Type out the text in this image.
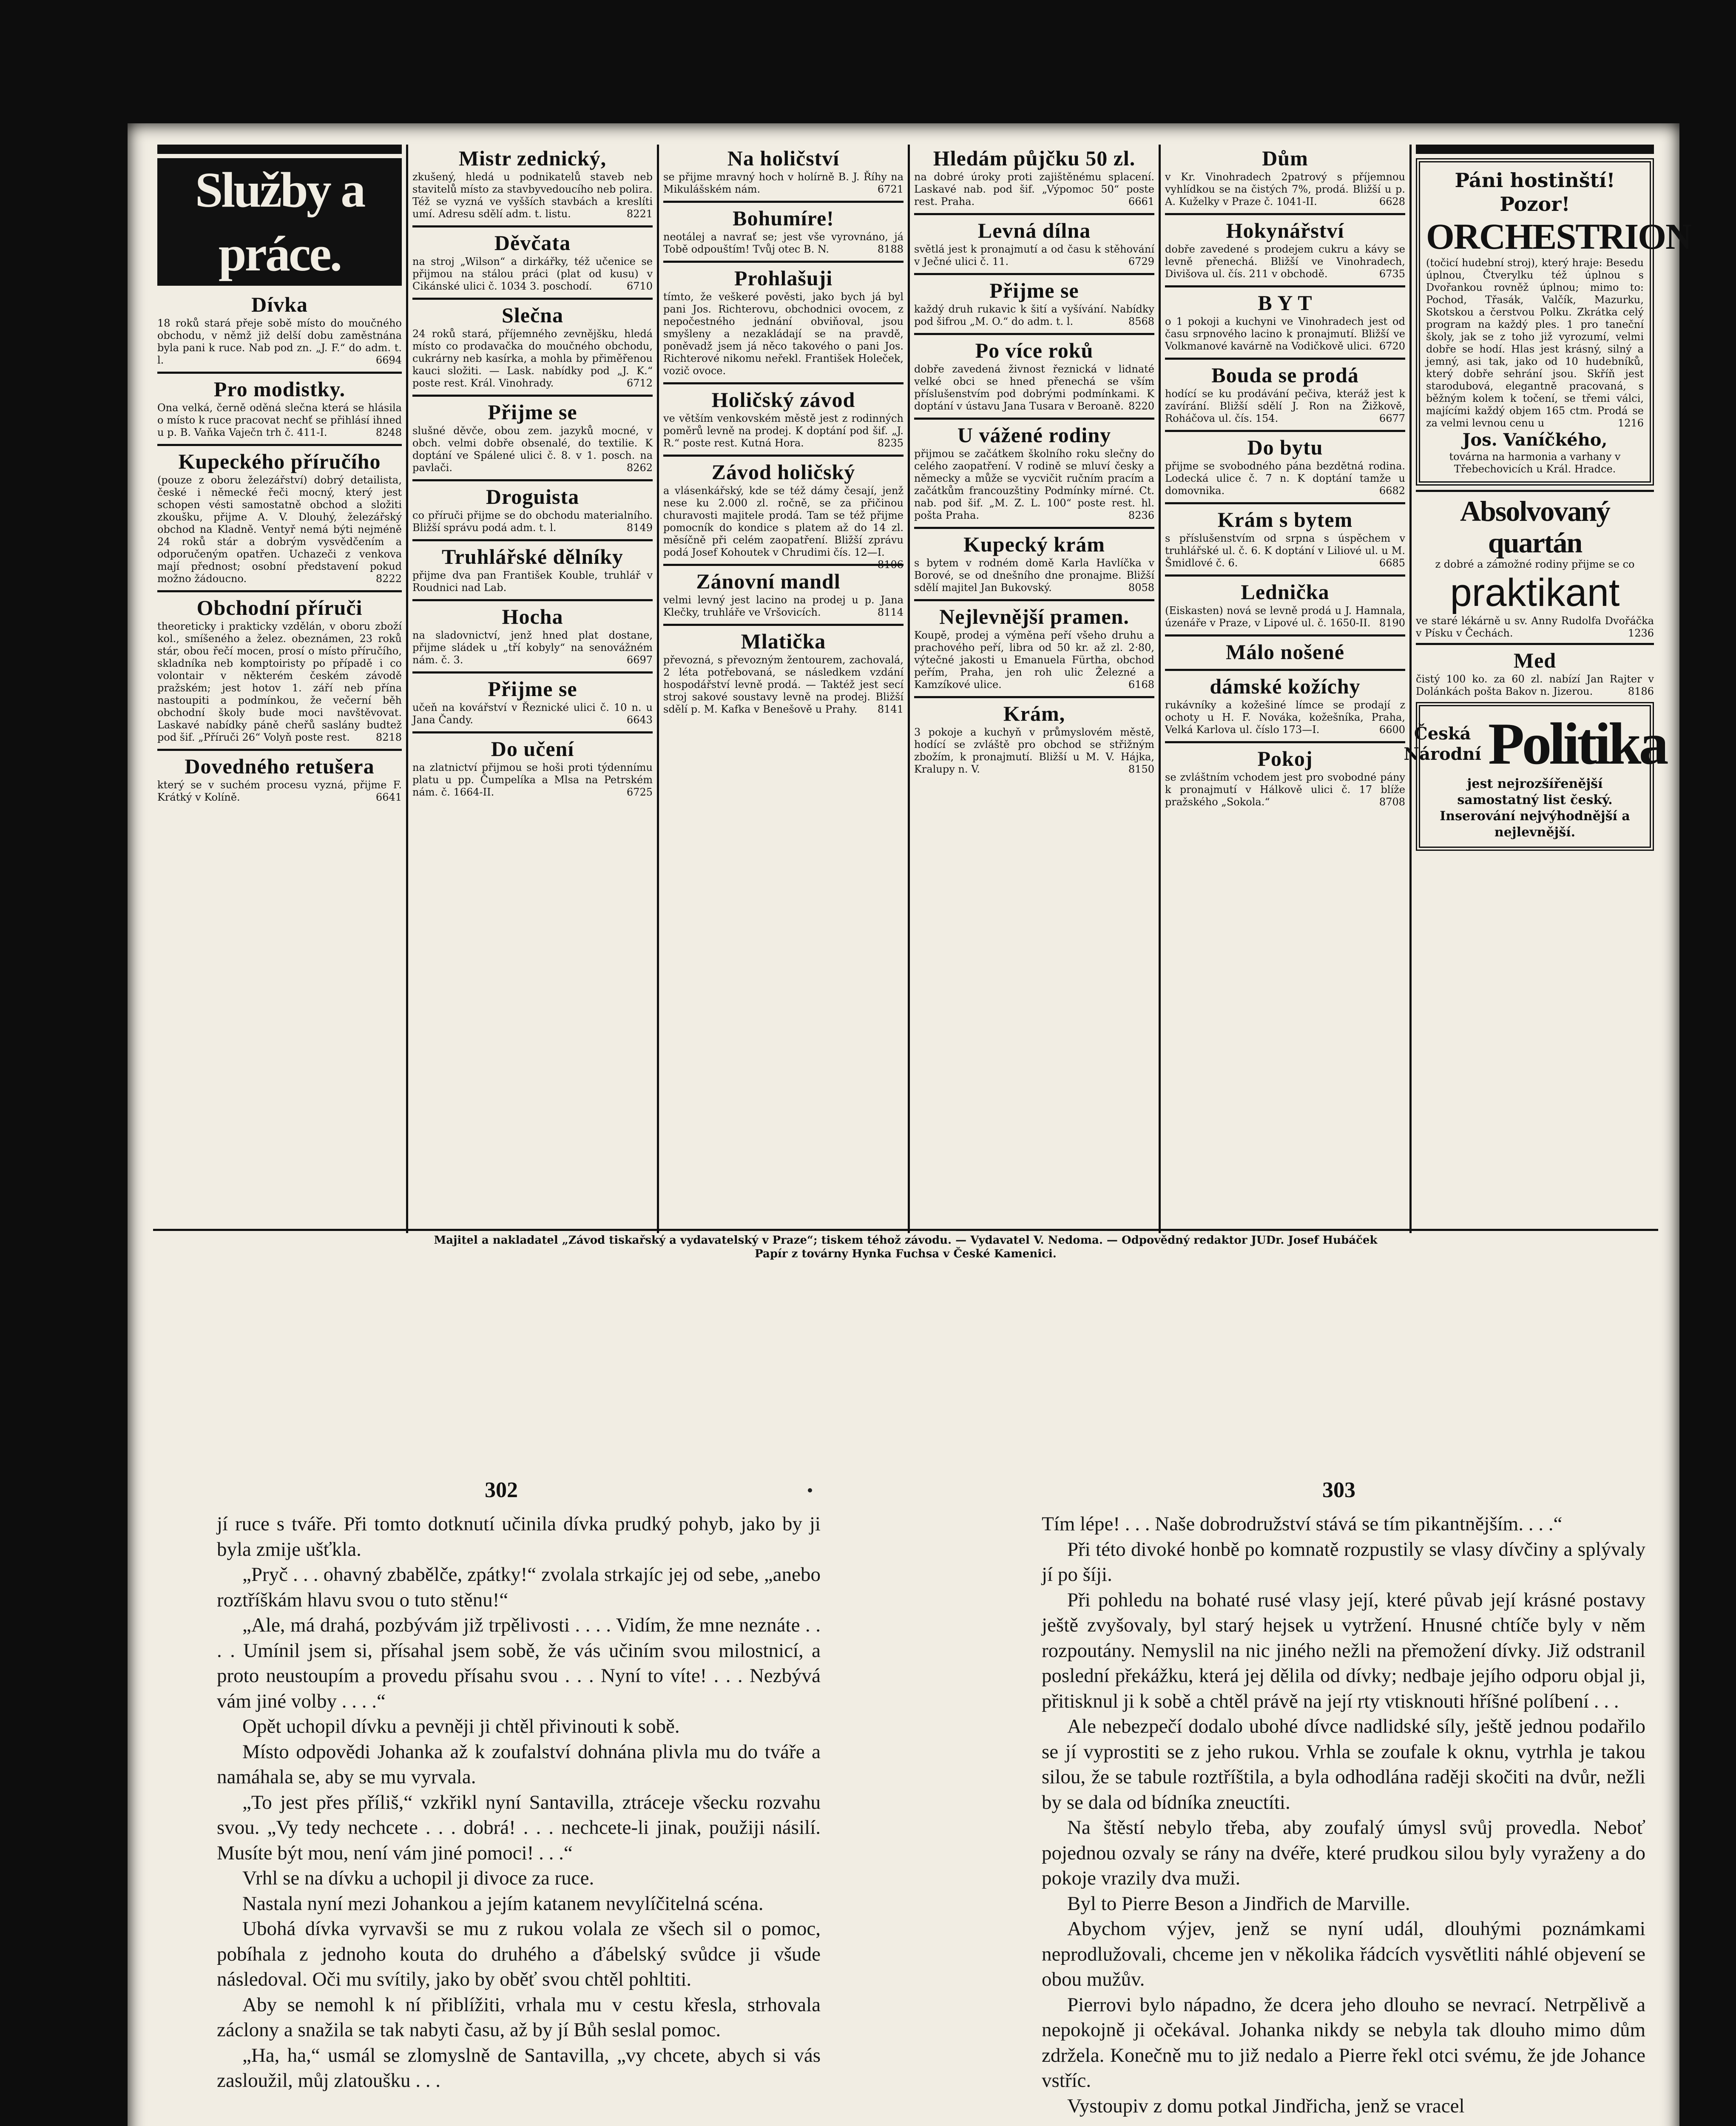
Služby a práce.
Dívka
18 roků stará přeje sobě místo do moučného obchodu, v němž již delší dobu zaměstnána byla pani k ruce. Nab pod zn. „J. F.“ do adm. t. l.	6694
Pro modistky.
Ona velká, černě oděná slečna která se hlásila o místo k ruce pracovat nechť se přihlásí ihned u p. B. Vaňka Vaječn trh č. 411-I.	8248
Kupeckého příručího
(pouze z oboru železářství) dobrý detailista, české i německé řeči mocný, který jest schopen vésti samostatně obchod a složiti zkoušku, přijme A. V. Dlouhý, železářský obchod na Kladně. Ventyř nemá býti nejméně 24 roků stár a dobrým vysvědčením a odporučeným opatřen. Uchazeči z venkova mají přednost; osobní představení pokud možno žádoucno.	8222
Obchodní příruči
theoreticky i prakticky vzdělán, v oboru zboží kol., smíšeného a želez. obeznámen, 23 roků stár, obou řečí mocen, prosí o místo příručího, skladníka neb komptoiristy po případě i co volontair v některém českém závodě pražském; jest hotov 1. září neb přína nastoupiti a podmínkou, že večerní běh obchodní školy bude moci navštěvovat. Laskavé nabídky páně cheřů saslány budtež pod šif. „Příruči 26“ Volyň poste rest.	8218
Dovedného retušera
který se v suchém procesu vyzná, přijme F. Krátký v Kolíně.	6641
Mistr zednický,
zkušený, hledá u podnikatelů staveb neb stavitelů místo za stavbyvedoucího neb polira. Též se vyzná ve vyšších stavbách a kreslíti umí. Adresu sdělí adm. t. listu.	8221
Děvčata
na stroj „Wilson“ a dirkářky, též učenice se přijmou na stálou práci (plat od kusu) v Cikánské ulici č. 1034 3. poschodí.	6710
Slečna
24 roků stará, příjemného zevnějšku, hledá místo co prodavačka do moučného obchodu, cukrárny neb kasírka, a mohla by přiměřenou kauci složiti. — Lask. nabídky pod „J. K.“ poste rest. Král. Vinohrady.	6712
Přijme se
slušné děvče, obou zem. jazyků mocné, v obch. velmi dobře obsenalé, do textilie. K doptání ve Spálené ulici č. 8. v 1. posch. na pavlači.	8262
Droguista
co příruči přijme se do obchodu materialního. Bližší správu podá adm. t. l.	8149
Truhlářské dělníky
přijme dva pan František Kouble, truhlář v Roudnici nad Lab.
Hocha
na sladovnictví, jenž hned plat dostane, přijme sládek u „tří kobyly“ na senovážném nám. č. 3.	6697
Přijme se
učeň na kovářství v Řeznické ulici č. 10 n. u Jana Čandy.	6643
Do učení
na zlatnictví přijmou se hoši proti týdennímu platu u pp. Čumpelíka a Mlsa na Petrském nám. č. 1664-II.	6725
Na holičství
se přijme mravný hoch v holírně B. J. Říhy na Mikulášském nám.	6721
Bohumíre!
neotálej a navrať se; jest vše vyrovnáno, já Tobě odpouštím! Tvůj otec B. N.	8188
Prohlašuji
tímto, že veškeré pověsti, jako bych já byl pani Jos. Richterovu, obchodnici ovocem, z nepočestného jednání obviňoval, jsou smyšleny a nezakládají se na pravdě, poněvadž jsem já něco takového o pani Jos. Richterové nikomu neřekl. František Holeček, vozič ovoce.
Holičský závod
ve větším venkovském městě jest z rodinných poměrů levně na prodej. K doptání pod šif. „J. R.“ poste rest. Kutná Hora.	8235
Závod holičský
a vlásenkářský, kde se též dámy česají, jenž nese ku 2.000 zl. ročně, se za přičinou churavosti majitele prodá. Tam se též přijme pomocník do kondice s platem až do 14 zl. měsíčně při celém zaopatření. Bližší zprávu podá Josef Kohoutek v Chrudimi čís. 12—I.
8106
Zánovní mandl
velmi levný jest lacino na prodej u p. Jana Klečky, truhláře ve Vršovicích.	8114
Mlatička
převozná, s převozným žentourem, zachovalá, 2 léta potřebovaná, se následkem vzdání hospodářství levně prodá. — Taktéž jest secí stroj sakové soustavy levně na prodej. Bližší sdělí p. M. Kafka v Benešově u Prahy. 8141
Hledám půjčku 50 zl.
na dobré úroky proti zajištěnému splacení. Laskavé nab. pod šif. „Výpomoc 50“ poste rest. Praha.	6661
Levná dílna
světlá jest k pronajmutí a od času k stěhování v Ječné ulici č. 11.	6729
Přijme se
každý druh rukavic k šití a vyšívání. Nabídky pod šifrou „M. O.“ do adm. t. l.	8568
Po více roků
dobře zavedená živnost řeznická v lidnaté velké obci se hned přenechá se vším příslušenstvím pod dobrými podmínkami. K doptání v ústavu Jana Tusara v Beroaně. 8220
U vážené rodiny
přijmou se začátkem školního roku slečny do celého zaopatření. V rodině se mluví česky a německy a může se vycvičit ručním pracím a začátkům francouzštiny Podmínky mírné. Ct. nab. pod šif. „M. Z. L. 100“ poste rest. hl. pošta Praha.	8236
Kupecký krám
s bytem v rodném domě Karla Havlíčka v Borové, se od dnešního dne pronajme. Bližší sdělí majitel Jan Bukovský.	8058
Nejlevnější pramen.
Koupě, prodej a výměna peří všeho druhu a prachového peří, libra od 50 kr. až zl. 2·80, výtečné jakosti u Emanuela Fürtha, obchod peřím, Praha, jen roh ulic Železné a Kamzíkové ulice.	6168
Krám,
3 pokoje a kuchyň v průmyslovém městě, hodící se zvláště pro obchod se střižným zbožím, k pronajmutí. Bližší u M. V. Hájka, Kralupy n. V.	8150
Dům
v Kr. Vinohradech 2patrový s příjemnou vyhlídkou se na čistých 7%, prodá. Bližší u p. A. Kuželky v Praze č. 1041-II.	6628
Hokynářství
dobře zavedené s prodejem cukru a kávy se levně přenechá. Bližší ve Vinohradech, Divišova ul. čís. 211 v obchodě.	6735
B Y T
o 1 pokoji a kuchyni ve Vinohradech jest od času srpnového lacino k pronajmutí. Bližší ve Volkmanové kavárně na Vodičkově ulici. 6720
Bouda se prodá
hodící se ku prodávání pečiva, kteráž jest k zavírání. Bližší sdělí J. Ron na Žižkově, Roháčova ul. čís. 154.	6677
Do bytu
přijme se svobodného pána bezdětná rodina. Lodecká ulice č. 7 n. K doptání tamže u domovnika.	6682
Krám s bytem
s příslušenstvím od srpna s úspěchem v truhlářské ul. č. 6. K doptání v Liliové ul. u M. Šmidlové č. 6.	6685
Lednička
(Eiskasten) nová se levně prodá u J. Hamnala, úzenáře v Praze, v Lipové ul. č. 1650-II. 8190
Málo nošené
dámské kožíchy
rukávníky a kožešiné límce se prodají z ochoty u H. F. Nováka, kožešníka, Praha, Velká Karlova ul. číslo 173—I.	6600
Pokoj
se zvláštním vchodem jest pro svobodné pány k pronajmutí v Hálkově ulici č. 17 blíže pražského „Sokola.“	8708
Páni hostinští! Pozor!
ORCHESTRION
(točicí hudební stroj), který hraje: Besedu úplnou, Čtverylku též úplnou s Dvořankou rovněž úplnou; mimo to: Pochod, Třasák, Valčík, Mazurku, Skotskou a čerstvou Polku. Zkrátka celý program na každý ples. 1 pro taneční školy, jak se z toho již vyrozumí, velmi dobře se hodí. Hlas jest krásný, silný a jemný, asi tak, jako od 10 hudebníků, který dobře sehrání jsou. Skříň jest starodubová, elegantně pracovaná, s běžným kolem k točení, se třemi válci, majícími každý objem 165 ctm. Prodá se za velmi levnou cenu u	1216
Jos. Vaníčkého,
továrna na harmonia a varhany v Třebechovicích u Král. Hradce.
Absolvovaný quartán
z dobré a zámožné rodiny přijme se co
praktikant
ve staré lékárně u sv. Anny Rudolfa Dvořáčka v Písku v Čechách.	1236
Med
čistý 100 ko. za 60 zl. nabízí Jan Rajter v Dolánkách pošta Bakov n. Jizerou.	8186
Česká
Národní Politika
jest nejrozšířenější samostatný list český. Inserování nejvýhodnější a nejlevnější.
Majitel a nakladatel „Závod tiskařský a vydavatelský v Praze“; tiskem téhož závodu. — Vydavatel V. Nedoma. — Odpovědný redaktor JUDr. Josef Hubáček
Papír z továrny Hynka Fuchsa v České Kamenici.
302	303

jí ruce s tváře. Při tomto dotknutí učinila dívka prudký pohyb, jako by ji byla zmije ušťkla.

„Pryč . . . ohavný zbabělče, zpátky!“ zvolala strkajíc jej od sebe, „anebo roztříškám hlavu svou o tuto stěnu!“

„Ale, má drahá, pozbývám již trpělivosti . . . . Vidím, že mne neznáte . . . . Umínil jsem si, přísahal jsem sobě, že vás učiním svou milostnicí, a proto neustoupím a provedu přísahu svou . . . Nyní to víte! . . . Nezbývá vám jiné volby . . . .“

Opět uchopil dívku a pevněji ji chtěl přivinouti k sobě.

Místo odpovědi Johanka až k zoufalství dohnána plivla mu do tváře a namáhala se, aby se mu vyrvala.

„To jest přes příliš,“ vzkřikl nyní Santavilla, ztráceje všecku rozvahu svou. „Vy tedy nechcete . . . dobrá! . . . nechcete-li jinak, použiji násilí. Musíte být mou, není vám jiné pomoci! . . .“

Vrhl se na dívku a uchopil ji divoce za ruce.

Nastala nyní mezi Johankou a jejím katanem nevylíčitelná scéna.

Ubohá dívka vyrvavši se mu z rukou volala ze všech sil o pomoc, pobíhala z jednoho kouta do druhého a ďábelský svůdce ji všude následoval. Oči mu svítily, jako by oběť svou chtěl pohltiti.

Aby se nemohl k ní přiblížiti, vrhala mu v cestu křesla, strhovala záclony a snažila se tak nabyti času, až by jí Bůh seslal pomoc.

„Ha, ha,“ usmál se zlomyslně de Santavilla, „vy chcete, abych si vás zasloužil, můj zlatoušku . . .

Tím lépe! . . . Naše dobrodružství stává se tím pikantnějším. . . .“

Při této divoké honbě po komnatě rozpustily se vlasy dívčiny a splývaly jí po šíji.

Při pohledu na bohaté rusé vlasy její, které půvab její krásné postavy ještě zvyšovaly, byl starý hejsek u vytržení. Hnusné chtíče byly v něm rozpoutány. Nemyslil na nic jiného nežli na přemožení dívky. Již odstranil poslední překážku, která jej dělila od dívky; nedbaje jejího odporu objal ji, přitisknul ji k sobě a chtěl právě na její rty vtisknouti hříšné políbení . . .

Ale nebezpečí dodalo ubohé dívce nadlidské síly, ještě jednou podařilo se jí vyprostiti se z jeho rukou. Vrhla se zoufale k oknu, vytrhla je takou silou, že se tabule roztříštila, a byla odhodlána raději skočiti na dvůr, nežli by se dala od bídníka zneuctíti.

Na štěstí nebylo třeba, aby zoufalý úmysl svůj provedla. Neboť pojednou ozvaly se rány na dvéře, které prudkou silou byly vyraženy a do pokoje vrazily dva muži.

Byl to Pierre Beson a Jindřich de Marville.

Abychom výjev, jenž se nyní udál, dlouhými poznámkami neprodlužovali, chceme jen v několika řádcích vysvětliti náhlé objevení se obou mužův.

Pierrovi bylo nápadno, že dcera jeho dlouho se nevrací. Netrpělivě a nepokojně ji očekával. Johanka nikdy se nebyla tak dlouho mimo dům zdržela. Konečně mu to již nedalo a Pierre řekl otci svému, že jde Johance vstříc.

Vystoupiv z domu potkal Jindřicha, jenž se vracel
